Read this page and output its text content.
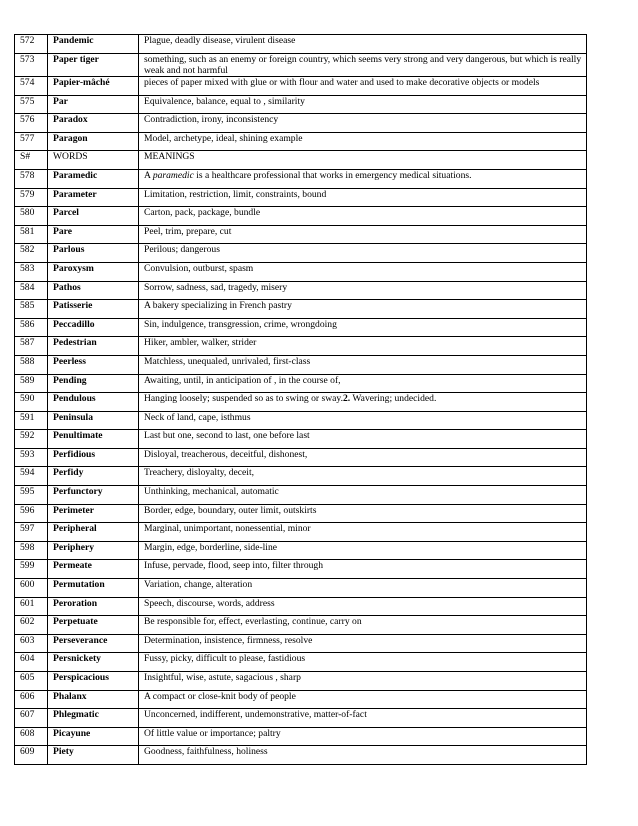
572	Pandemic	Plague, deadly disease, virulent disease
573	Paper tiger	something, such as an enemy or foreign country, which seems very strong and very dangerous, but which is really weak and not harmful
574	Papier-mâché	pieces of paper mixed with glue or with flour and water and used to make decorative objects or models
575	Par	Equivalence, balance, equal to , similarity
576	Paradox	Contradiction, irony, inconsistency
577	Paragon	Model, archetype, ideal, shining example
S#	WORDS	MEANINGS
578	Paramedic	A paramedic is a healthcare professional that works in emergency medical situations.
579	Parameter	Limitation, restriction, limit, constraints, bound
580	Parcel	Carton, pack, package, bundle
581	Pare	Peel, trim, prepare, cut
582	Parlous	Perilous; dangerous
583	Paroxysm	Convulsion, outburst, spasm
584	Pathos	Sorrow, sadness, sad, tragedy, misery
585	Patisserie	A bakery specializing in French pastry
586	Peccadillo	Sin, indulgence, transgression, crime, wrongdoing
587	Pedestrian	Hiker, ambler, walker, strider
588	Peerless	Matchless, unequaled, unrivaled, first-class
589	Pending	Awaiting, until, in anticipation of , in the course of,
590	Pendulous	Hanging loosely; suspended so as to swing or sway.2. Wavering; undecided.
591	Peninsula	Neck of land, cape, isthmus
592	Penultimate	Last but one, second to last, one before last
593	Perfidious	Disloyal, treacherous, deceitful, dishonest,
594	Perfidy	Treachery, disloyalty, deceit,
595	Perfunctory	Unthinking, mechanical, automatic
596	Perimeter	Border, edge, boundary, outer limit, outskirts
597	Peripheral	Marginal, unimportant, nonessential, minor
598	Periphery	Margin, edge, borderline, side-line
599	Permeate	Infuse, pervade, flood, seep into, filter through
600	Permutation	Variation, change, alteration
601	Peroration	Speech, discourse, words, address
602	Perpetuate	Be responsible for, effect, everlasting, continue, carry on
603	Perseverance	Determination, insistence, firmness, resolve
604	Persnickety	Fussy, picky, difficult to please, fastidious
605	Perspicacious	Insightful, wise, astute, sagacious , sharp
606	Phalanx	A compact or close-knit body of people
607	Phlegmatic	Unconcerned, indifferent, undemonstrative, matter-of-fact
608	Picayune	Of little value or importance; paltry
609	Piety	Goodness, faithfulness, holiness
